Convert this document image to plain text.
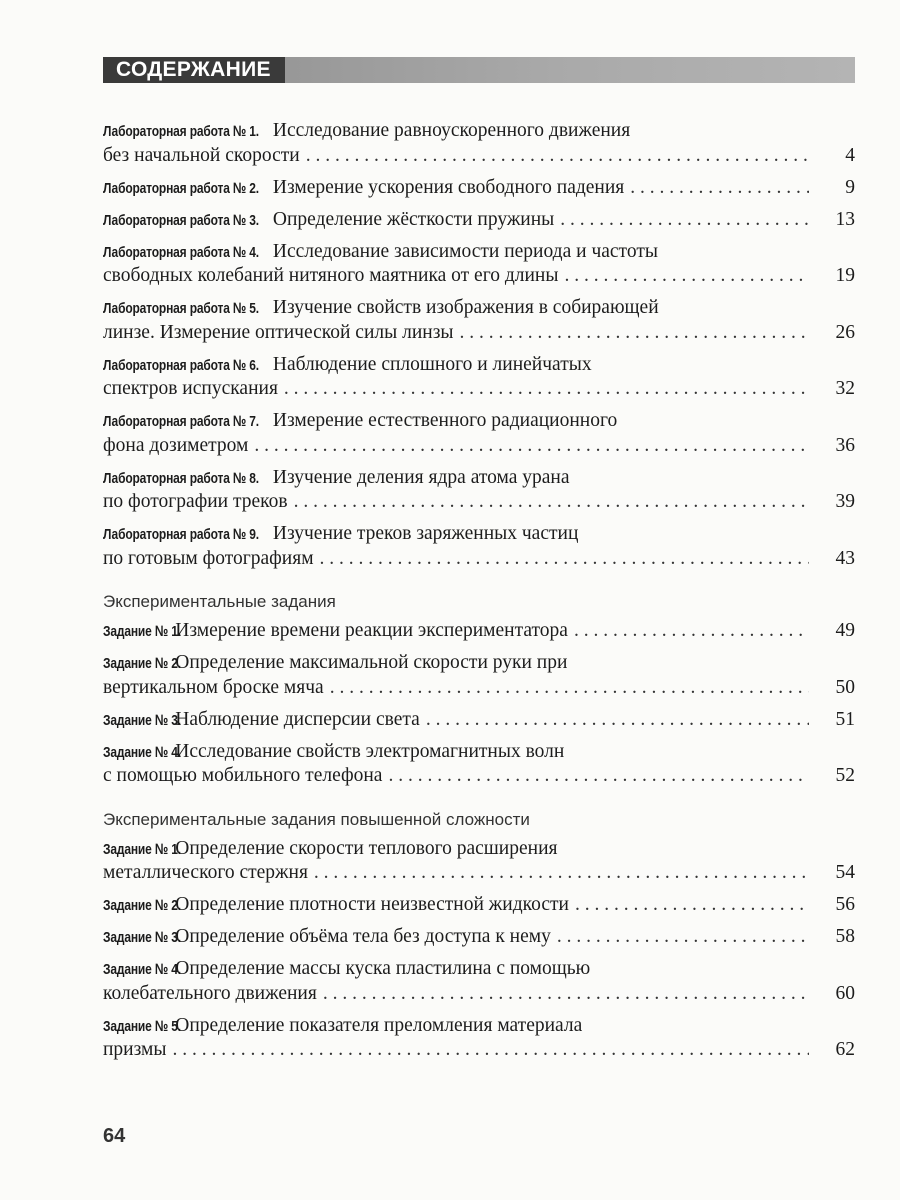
СОДЕРЖАНИЕ
Лабораторная работа № 1. Исследование равноускоренного движения
без начальной скорости . . .	4
Лабораторная работа № 2. Измерение ускорения свободного падения . . .	9
Лабораторная работа № 3. Определение жёсткости пружины . . .	13
Лабораторная работа № 4. Исследование зависимости периода и частоты
свободных колебаний нитяного маятника от его длины . . .	19
Лабораторная работа № 5. Изучение свойств изображения в собирающей
линзе. Измерение оптической силы линзы . . .	26
Лабораторная работа № 6. Наблюдение сплошного и линейчатых
спектров испускания . . .	32
Лабораторная работа № 7. Измерение естественного радиационного
фона дозиметром . . .	36
Лабораторная работа № 8. Изучение деления ядра атома урана
по фотографии треков . . .	39
Лабораторная работа № 9. Изучение треков заряженных частиц
по готовым фотографиям . . .	43
Экспериментальные задания
Задание № 1. Измерение времени реакции экспериментатора . . .	49
Задание № 2. Определение максимальной скорости руки при
вертикальном броске мяча . . .	50
Задание № 3. Наблюдение дисперсии света . . .	51
Задание № 4. Исследование свойств электромагнитных волн
с помощью мобильного телефона . . .	52
Экспериментальные задания повышенной сложности
Задание № 1. Определение скорости теплового расширения
металлического стержня . . .	54
Задание № 2. Определение плотности неизвестной жидкости . . .	56
Задание № 3. Определение объёма тела без доступа к нему . . .	58
Задание № 4. Определение массы куска пластилина с помощью
колебательного движения . . .	60
Задание № 5. Определение показателя преломления материала
призмы . . .	62
64
